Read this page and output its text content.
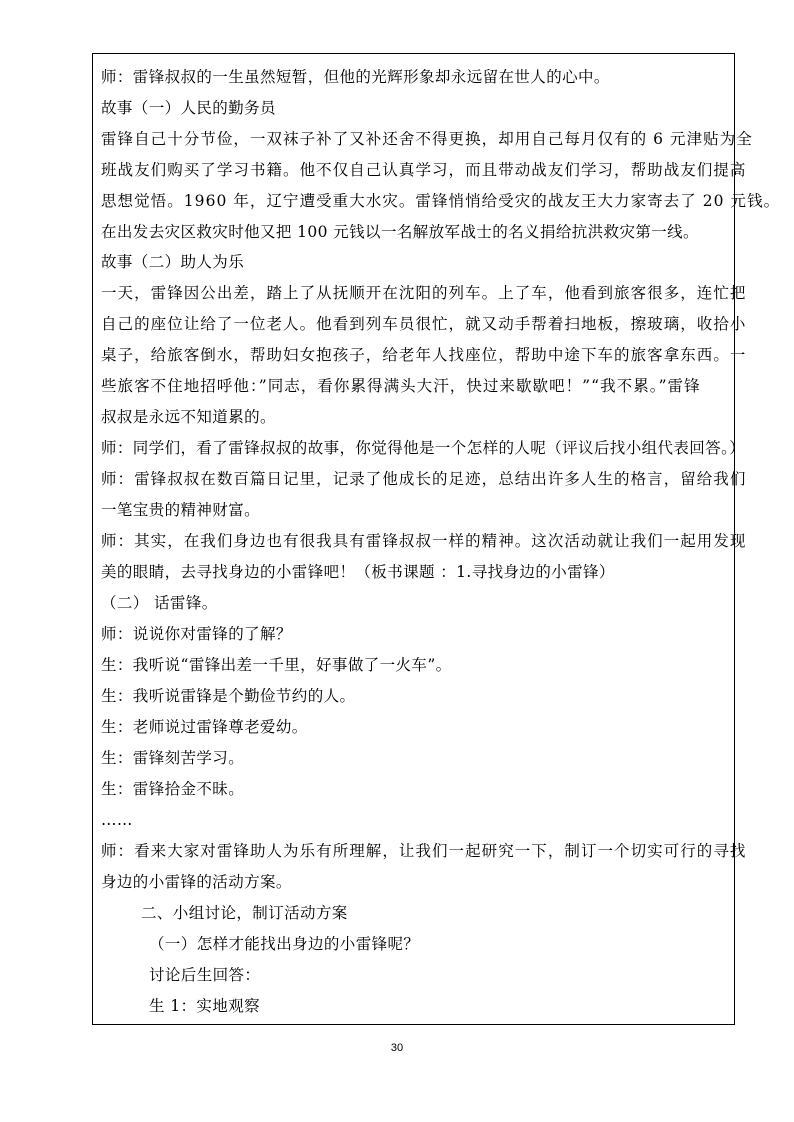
师：雷锋叔叔的一生虽然短暂，但他的光辉形象却永远留在世人的心中。
故事（一）人民的勤务员
雷锋自己十分节俭，一双袜子补了又补还舍不得更换，却用自己每月仅有的 6 元津贴为全
班战友们购买了学习书籍。他不仅自己认真学习，而且带动战友们学习，帮助战友们提高
思想觉悟。1960 年，辽宁遭受重大水灾。雷锋悄悄给受灾的战友王大力家寄去了 20 元钱。
在出发去灾区救灾时他又把 100 元钱以一名解放军战士的名义捐给抗洪救灾第一线。
故事（二）助人为乐
一天，雷锋因公出差，踏上了从抚顺开在沈阳的列车。上了车，他看到旅客很多，连忙把
自己的座位让给了一位老人。他看到列车员很忙，就又动手帮着扫地板，擦玻璃，收拾小
桌子，给旅客倒水，帮助妇女抱孩子，给老年人找座位，帮助中途下车的旅客拿东西。一
些旅客不住地招呼他：”同志，看你累得满头大汗，快过来歇歇吧！”“我不累。”雷锋
叔叔是永远不知道累的。
师：同学们，看了雷锋叔叔的故事，你觉得他是一个怎样的人呢（评议后找小组代表回答。）
师：雷锋叔叔在数百篇日记里，记录了他成长的足迹，总结出许多人生的格言，留给我们
一笔宝贵的精神财富。
师：其实，在我们身边也有很我具有雷锋叔叔一样的精神。这次活动就让我们一起用发现
美的眼睛，去寻找身边的小雷锋吧！（板书课题 ：1.寻找身边的小雷锋）
（二） 话雷锋。
师：说说你对雷锋的了解？
生：我听说“雷锋出差一千里，好事做了一火车”。
生：我听说雷锋是个勤俭节约的人。
生：老师说过雷锋尊老爱幼。
生：雷锋刻苦学习。
生：雷锋拾金不昧。
……
师：看来大家对雷锋助人为乐有所理解，让我们一起研究一下，制订一个切实可行的寻找
身边的小雷锋的活动方案。
二、小组讨论，制订活动方案
（一）怎样才能找出身边的小雷锋呢？
讨论后生回答：
生 1：实地观察
30
